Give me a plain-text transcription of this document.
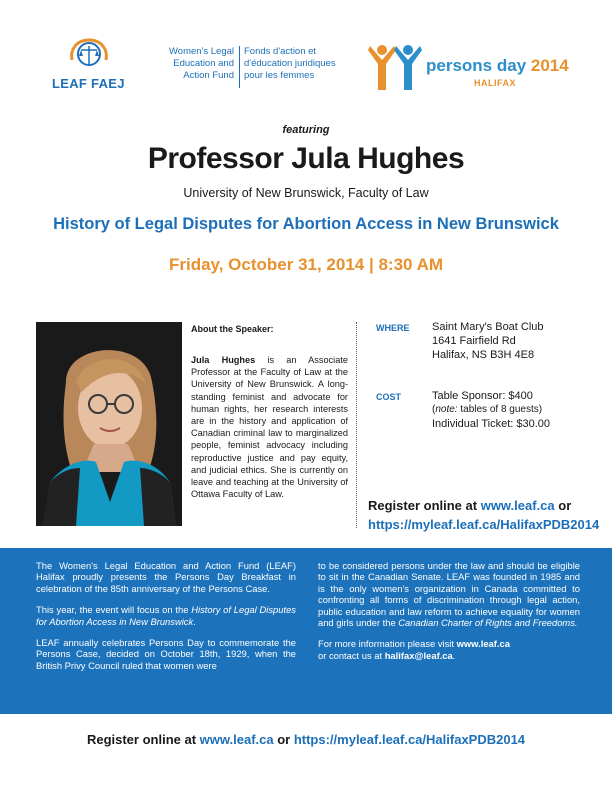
LEAF FAEJ
Women's Legal
Education and
Action Fund
Fonds d'action et
d'éducation juridiques
pour les femmes
persons day 2014
HALIFAX
featuring
Professor Jula Hughes
University of New Brunswick, Faculty of Law
History of Legal Disputes for Abortion Access in New Brunswick
Friday, October 31, 2014 | 8:30 AM
About the Speaker:
Jula Hughes is an Associate Professor at the Faculty of Law at the University of New Brunswick. A long-standing feminist and advocate for human rights, her research interests are in the history and application of Canadian criminal law to marginalized people, feminist advocacy including reproductive justice and pay equity, and judicial ethics. She is currently on leave and teaching at the University of Ottawa Faculty of Law.
WHERE Saint Mary's Boat Club
1641 Fairfield Rd
Halifax, NS B3H 4E8
COST	Table Sponsor: $400
(note: tables of 8 guests)
Individual Ticket: $30.00
Register online at www.leaf.ca or
https://myleaf.leaf.ca/HalifaxPDB2014

The Women's Legal Education and Action Fund (LEAF) Halifax proudly presents the Persons Day Breakfast in celebration of the 85th anniversary of the Persons Case.

This year, the event will focus on the History of Legal Disputes for Abortion Access in New Brunswick.

LEAF annually celebrates Persons Day to commemorate the Persons Case, decided on October 18th, 1929, when the British Privy Council ruled that women were

to be considered persons under the law and should be eligible to sit in the Canadian Senate. LEAF was founded in 1985 and is the only women's organization in Canada committed to confronting all forms of discrimination through legal action, public education and law reform to achieve equality for women and girls under the Canadian Charter of Rights and Freedoms.

For more information please visit www.leaf.ca
or contact us at halifax@leaf.ca.

Register online at www.leaf.ca or https://myleaf.leaf.ca/HalifaxPDB2014
